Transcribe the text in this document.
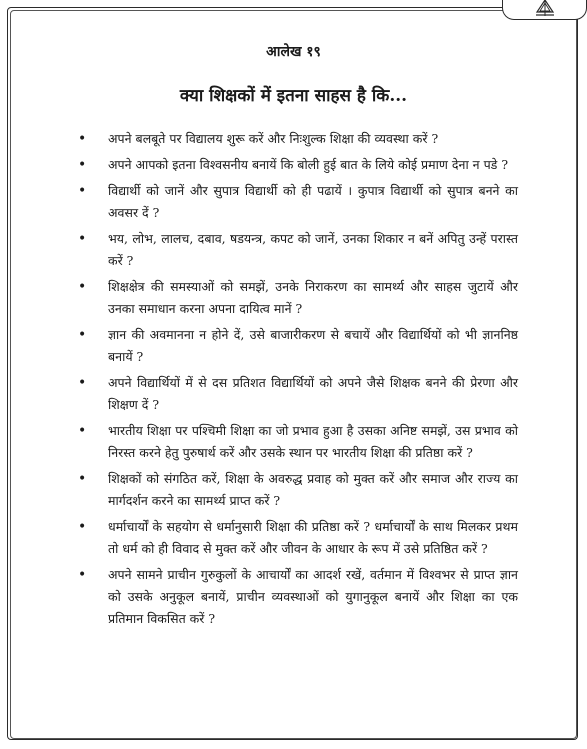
आलेख १९
क्या शिक्षकों में इतना साहस है कि...
• अपने बलबूते पर विद्यालय शुरू करें और निःशुल्क शिक्षा की व्यवस्था करें ?
• अपने आपको इतना विश्वसनीय बनायें कि बोली हुई बात के लिये कोई प्रमाण देना न पडे ?
• विद्यार्थी को जानें और सुपात्र विद्यार्थी को ही पढायें । कुपात्र विद्यार्थी को सुपात्र बनने का अवसर दें ?
• भय, लोभ, लालच, दबाव, षडयन्त्र, कपट को जानें, उनका शिकार न बनें अपितु उन्हें परास्त करें ?
• शिक्षक्षेत्र की समस्याओं को समझें, उनके निराकरण का सामर्थ्य और साहस जुटायें और उनका समाधान करना अपना दायित्व मानें ?
• ज्ञान की अवमानना न होने दें, उसे बाजारीकरण से बचायें और विद्यार्थियों को भी ज्ञाननिष्ठ बनायें ?
• अपने विद्यार्थियों में से दस प्रतिशत विद्यार्थियों को अपने जैसे शिक्षक बनने की प्रेरणा और शिक्षण दें ?
• भारतीय शिक्षा पर पश्चिमी शिक्षा का जो प्रभाव हुआ है उसका अनिष्ट समझें, उस प्रभाव को निरस्त करने हेतु पुरुषार्थ करें और उसके स्थान पर भारतीय शिक्षा की प्रतिष्ठा करें ?
• शिक्षकों को संगठित करें, शिक्षा के अवरुद्ध प्रवाह को मुक्त करें और समाज और राज्य का मार्गदर्शन करने का सामर्थ्य प्राप्त करें ?
• धर्माचार्यों के सहयोग से धर्मानुसारी शिक्षा की प्रतिष्ठा करें ? धर्माचार्यों के साथ मिलकर प्रथम तो धर्म को ही विवाद से मुक्त करें और जीवन के आधार के रूप में उसे प्रतिष्ठित करें ?
• अपने सामने प्राचीन गुरुकुलों के आचार्यों का आदर्श रखें, वर्तमान में विश्वभर से प्राप्त ज्ञान को उसके अनुकूल बनायें, प्राचीन व्यवस्थाओं को युगानुकूल बनायें और शिक्षा का एक प्रतिमान विकसित करें ?
